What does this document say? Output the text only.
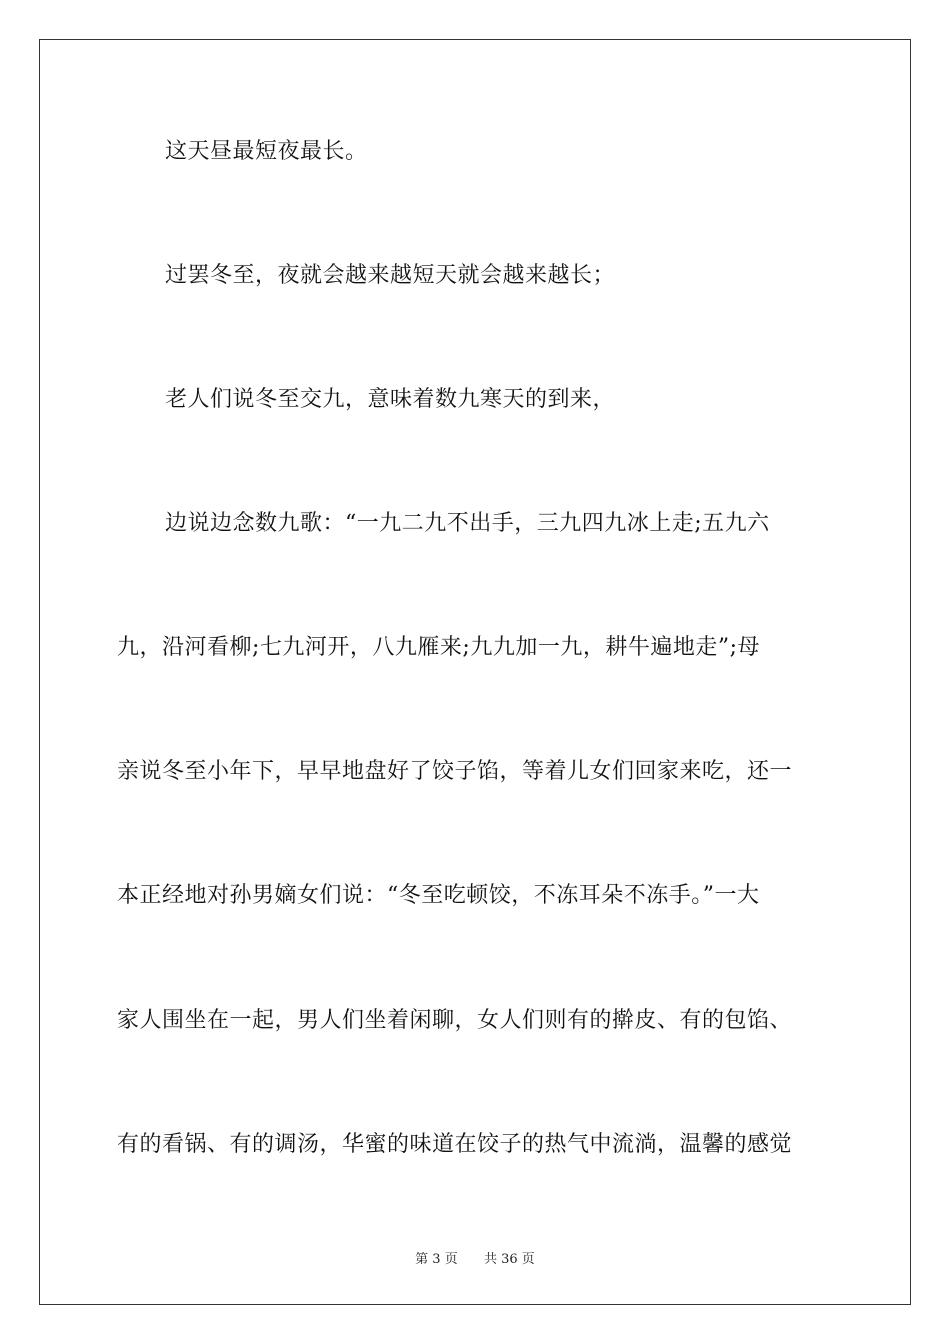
这天昼最短夜最长。
过罢冬至，夜就会越来越短天就会越来越长；
老人们说冬至交九，意味着数九寒天的到来，
边说边念数九歌：“一九二九不出手，三九四九冰上走;五九六
九，沿河看柳;七九河开，八九雁来;九九加一九，耕牛遍地走”;母
亲说冬至小年下，早早地盘好了饺子馅，等着儿女们回家来吃，还一
本正经地对孙男嫡女们说：“冬至吃顿饺，不冻耳朵不冻手。”一大
家人围坐在一起，男人们坐着闲聊，女人们则有的擀皮、有的包馅、
有的看锅、有的调汤，华蜜的味道在饺子的热气中流淌，温馨的感觉
第 3 页 共 36 页
